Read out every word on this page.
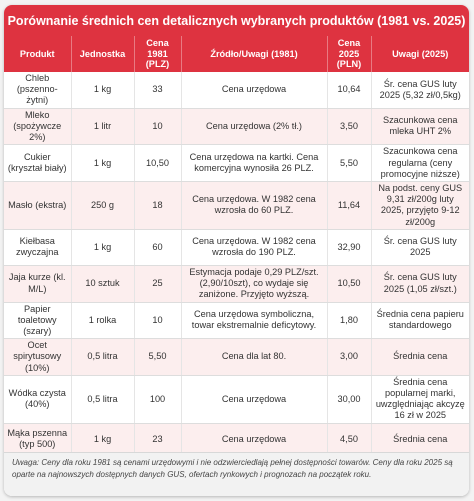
Porównanie średnich cen detalicznych wybranych produktów (1981 vs. 2025)
Produkt	Jednostka	Cena 1981 (PLZ)	Źródło/Uwagi (1981)	Cena 2025 (PLN)	Uwagi (2025)
Chleb (pszenno-żytni)	1 kg	33	Cena urzędowa	10,64	Śr. cena GUS luty 2025 (5,32 zł/0,5kg)
Mleko (spożywcze 2%)	1 litr	10	Cena urzędowa (2% tł.)	3,50	Szacunkowa cena mleka UHT 2%
Cukier (kryształ biały)	1 kg	10,50	Cena urzędowa na kartki. Cena komercyjna wynosiła 26 PLZ.	5,50	Szacunkowa cena regularna (ceny promocyjne niższe)
Masło (ekstra)	250 g	18	Cena urzędowa. W 1982 cena wzrosła do 60 PLZ.	11,64	Na podst. ceny GUS 9,31 zł/200g luty 2025, przyjęto 9-12 zł/200g
Kiełbasa zwyczajna	1 kg	60	Cena urzędowa. W 1982 cena wzrosła do 190 PLZ.	32,90	Śr. cena GUS luty 2025
Jaja kurze (kl. M/L)	10 sztuk	25	Estymacja podaje 0,29 PLZ/szt. (2,90/10szt), co wydaje się zaniżone. Przyjęto wyższą.	10,50	Śr. cena GUS luty 2025 (1,05 zł/szt.)
Papier toaletowy (szary)	1 rolka	10	Cena urzędowa symboliczna, towar ekstremalnie deficytowy.	1,80	Średnia cena papieru standardowego
Ocet spirytusowy (10%)	0,5 litra	5,50	Cena dla lat 80.	3,00	Średnia cena
Wódka czysta (40%)	0,5 litra	100	Cena urzędowa	30,00	Średnia cena popularnej marki, uwzględniając akcyzę 16 zł w 2025
Mąka pszenna (typ 500)	1 kg	23	Cena urzędowa	4,50	Średnia cena
Uwaga: Ceny dla roku 1981 są cenami urzędowymi i nie odzwierciedlają pełnej dostępności towarów. Ceny dla roku 2025 są oparte na najnowszych dostępnych danych GUS, ofertach rynkowych i prognozach na początek roku.
